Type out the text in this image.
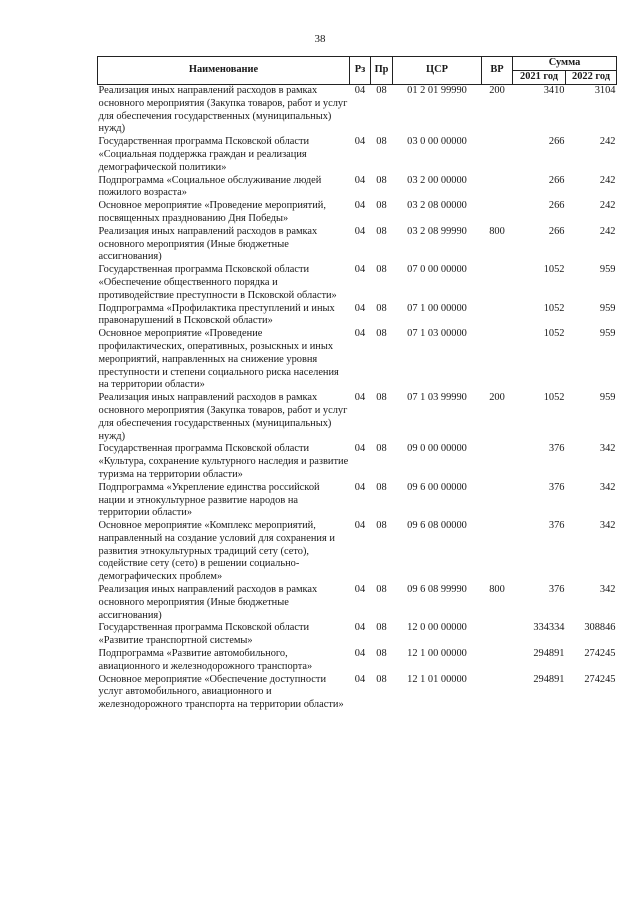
38
Наименование	Рз	Пр	ЦСР	ВР	Сумма	
					2021 год	2022 год
Реализация иных направлений расходов в рамках основного мероприятия (Закупка товаров, работ и услуг для обеспечения государственных (муниципальных) нужд)	04	08	01 2 01 99990	200	3410	3104
Государственная программа Псковской области «Социальная поддержка граждан и реализация демографической политики»	04	08	03 0 00 00000		266	242
Подпрограмма «Социальное обслуживание людей пожилого возраста»	04	08	03 2 00 00000		266	242
Основное мероприятие «Проведение мероприятий, посвященных празднованию Дня Победы»	04	08	03 2 08 00000		266	242
Реализация иных направлений расходов в рамках основного мероприятия (Иные бюджетные ассигнования)	04	08	03 2 08 99990	800	266	242
Государственная программа Псковской области «Обеспечение общественного порядка и противодействие преступности в Псковской области»	04	08	07 0 00 00000		1052	959
Подпрограмма «Профилактика преступлений и иных правонарушений в Псковской области»	04	08	07 1 00 00000		1052	959
Основное мероприятие «Проведение профилактических, оперативных, розыскных и иных мероприятий, направленных на снижение уровня преступности и степени социального риска населения на территории области»	04	08	07 1 03 00000		1052	959
Реализация иных направлений расходов в рамках основного мероприятия (Закупка товаров, работ и услуг для обеспечения государственных (муниципальных) нужд)	04	08	07 1 03 99990	200	1052	959
Государственная программа Псковской области «Культура, сохранение культурного наследия и развитие туризма на территории области»	04	08	09 0 00 00000		376	342
Подпрограмма «Укрепление единства российской нации и этнокультурное развитие народов на территории области»	04	08	09 6 00 00000		376	342
Основное мероприятие «Комплекс мероприятий, направленный на создание условий для сохранения и развития этнокультурных традиций сету (сето), содействие сету (сето) в решении социально-демографических проблем»	04	08	09 6 08 00000		376	342
Реализация иных направлений расходов в рамках основного мероприятия (Иные бюджетные ассигнования)	04	08	09 6 08 99990	800	376	342
Государственная программа Псковской области «Развитие транспортной системы»	04	08	12 0 00 00000		334334	308846
Подпрограмма «Развитие автомобильного, авиационного и железнодорожного транспорта»	04	08	12 1 00 00000		294891	274245
Основное мероприятие «Обеспечение доступности услуг автомобильного, авиационного и железнодорожного транспорта на территории области»	04	08	12 1 01 00000		294891	274245
